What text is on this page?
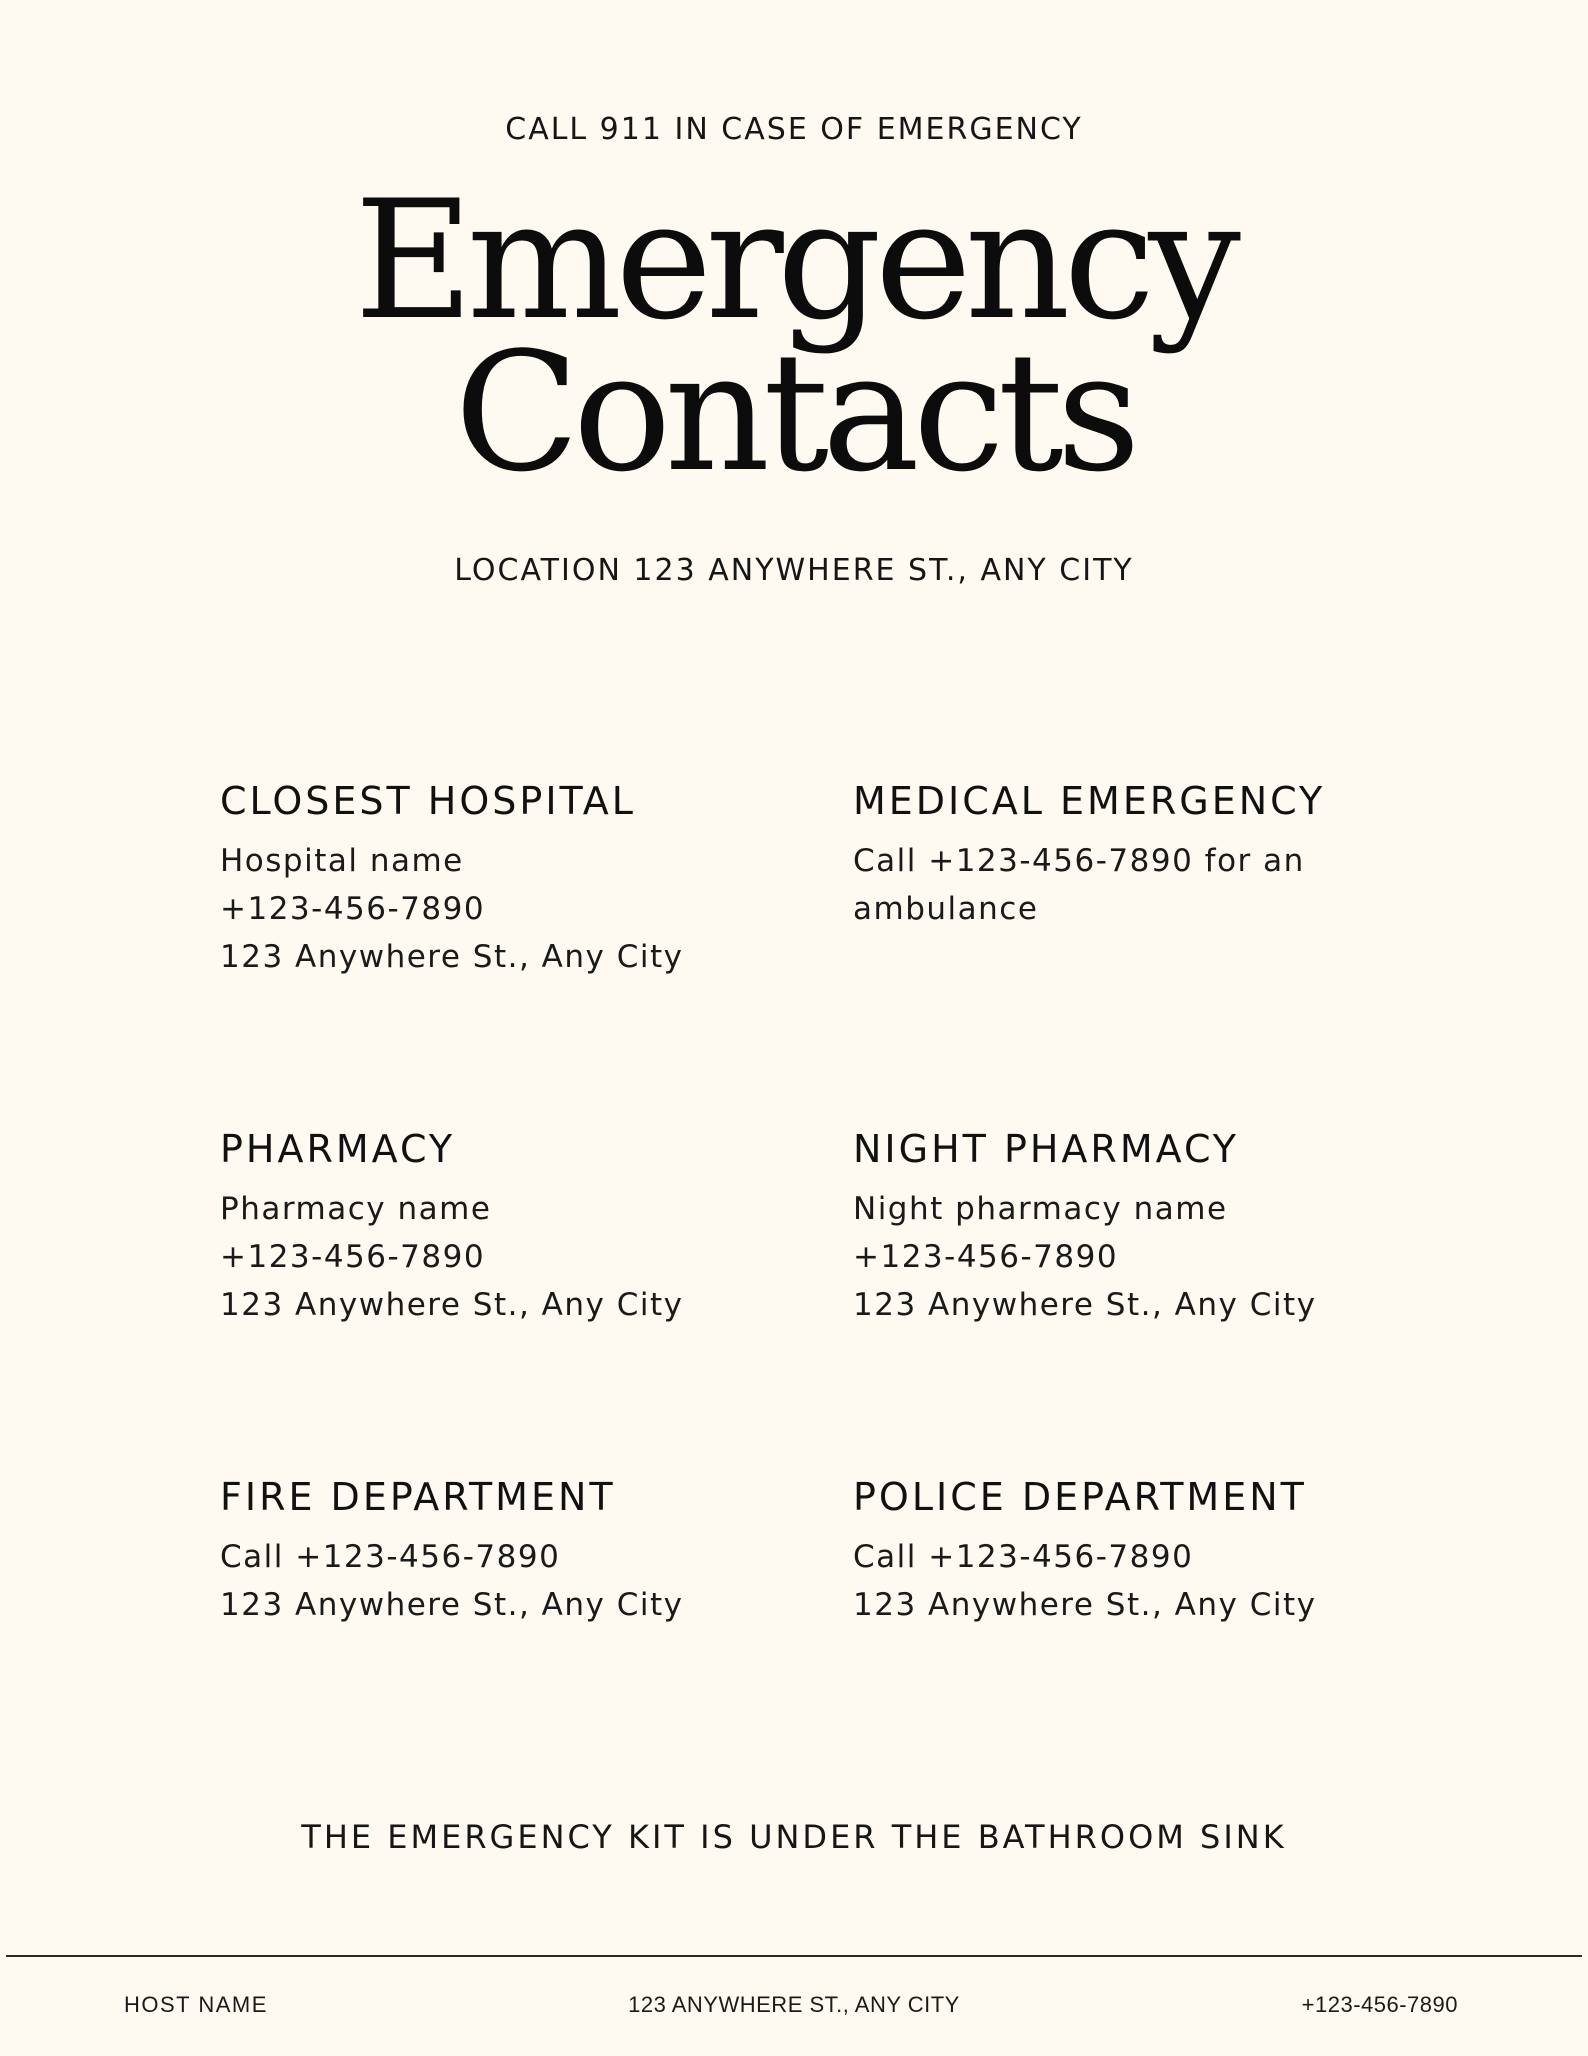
CALL 911 IN CASE OF EMERGENCY
Emergency
Contacts
LOCATION 123 ANYWHERE ST., ANY CITY
CLOSEST HOSPITAL
Hospital name
+123-456-7890
123 Anywhere St., Any City
MEDICAL EMERGENCY
Call +123-456-7890 for an
ambulance
PHARMACY
Pharmacy name
+123-456-7890
123 Anywhere St., Any City
NIGHT PHARMACY
Night pharmacy name
+123-456-7890
123 Anywhere St., Any City
FIRE DEPARTMENT
Call +123-456-7890
123 Anywhere St., Any City
POLICE DEPARTMENT
Call +123-456-7890
123 Anywhere St., Any City
THE EMERGENCY KIT IS UNDER THE BATHROOM SINK
HOST NAME	123 ANYWHERE ST., ANY CITY	+123-456-7890
